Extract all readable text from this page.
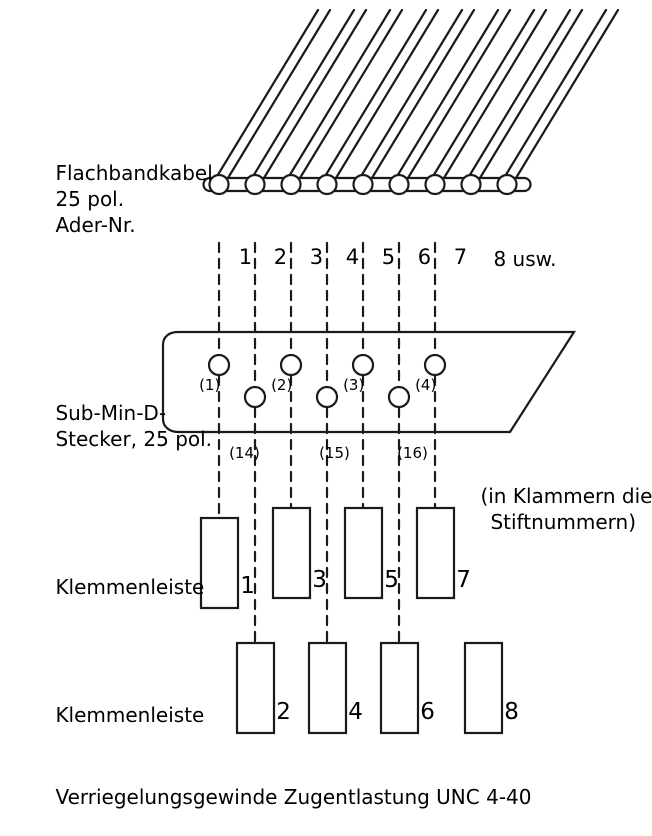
Flachbandkabel

25 pol.

Ader-Nr.

1
	2
	3
	4
	5
	6
	7
	8 usw.

Sub-Min-D-

Stecker, 25 pol.

(1)
	(2)
	(3)
	(4)

(14)
	(15)
	(16)

(in Klammern die

Stiftnummern)

Klemmenleiste

Klemmenleiste

1
	3
	5
	7

2
	4
	6
	8

Verriegelungsgewinde Zugentlastung UNC 4-40
